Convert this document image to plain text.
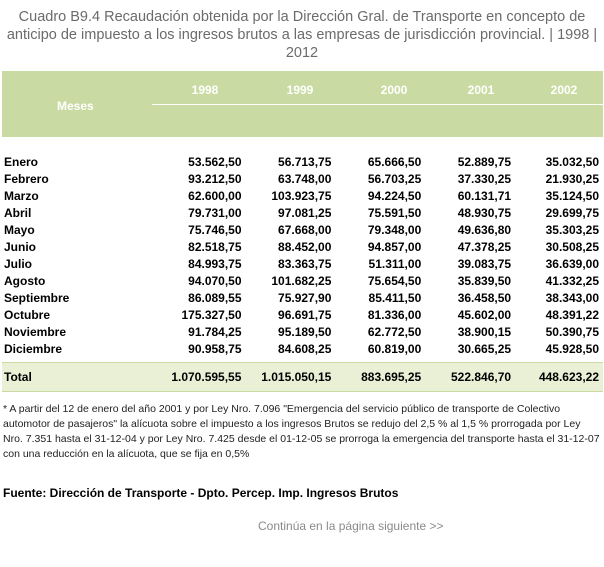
Cuadro B9.4 Recaudación obtenida por la Dirección Gral. de Transporte en concepto de anticipo de impuesto a los ingresos brutos a las empresas de jurisdicción provincial. | 1998 | 2012
1998	1999	2000	2001	2002
Meses
Enero	53.562,50	56.713,75	65.666,50	52.889,75	35.032,50
Febrero	93.212,50	63.748,00	56.703,25	37.330,25	21.930,25
Marzo	62.600,00	103.923,75	94.224,50	60.131,71	35.124,50
Abril	79.731,00	97.081,25	75.591,50	48.930,75	29.699,75
Mayo	75.746,50	67.668,00	79.348,00	49.636,80	35.303,25
Junio	82.518,75	88.452,00	94.857,00	47.378,25	30.508,25
Julio	84.993,75	83.363,75	51.311,00	39.083,75	36.639,00
Agosto	94.070,50	101.682,25	75.654,50	35.839,50	41.332,25
Septiembre	86.089,55	75.927,90	85.411,50	36.458,50	38.343,00
Octubre	175.327,50	96.691,75	81.336,00	45.602,00	48.391,22
Noviembre	91.784,25	95.189,50	62.772,50	38.900,15	50.390,75
Diciembre	90.958,75	84.608,25	60.819,00	30.665,25	45.928,50
Total	1.070.595,55	1.015.050,15	883.695,25	522.846,70	448.623,22
* A partir del 12 de enero del año 2001 y por Ley Nro. 7.096 "Emergencia del servicio público de transporte de Colectivo automotor de pasajeros" la alícuota sobre el impuesto a los ingresos Brutos se redujo del 2,5 % al 1,5 % prorrogada por Ley Nro. 7.351 hasta el 31-12-04 y por Ley Nro. 7.425 desde el 01-12-05 se prorroga la emergencia del transporte hasta el 31-12-07 con una reducción en la alícuota, que se fija en 0,5%
Fuente: Dirección de Transporte - Dpto. Percep. Imp. Ingresos Brutos
Continúa en la página siguiente >>
